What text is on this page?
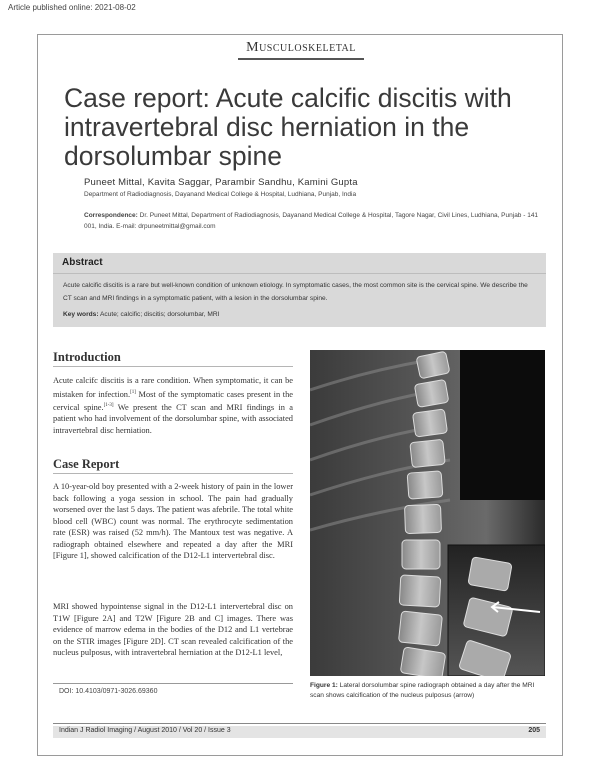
Article published online: 2021-08-02
Musculoskeletal
Case report: Acute calcific discitis with
intravertebral disc herniation in the
dorsolumbar spine
Puneet Mittal, Kavita Saggar, Parambir Sandhu, Kamini Gupta
Department of Radiodiagnosis, Dayanand Medical College & Hospital, Ludhiana, Punjab, India
Correspondence: Dr. Puneet Mittal, Department of Radiodiagnosis, Dayanand Medical College & Hospital, Tagore Nagar, Civil Lines, Ludhiana, Punjab - 141 001, India. E-mail: drpuneetmittal@gmail.com
Abstract
Acute calcific discitis is a rare but well-known condition of unknown etiology. In symptomatic cases, the most common site is the cervical spine. We describe the CT scan and MRI findings in a symptomatic patient, with a lesion in the dorsolumbar spine.
Key words: Acute; calcific; discitis; dorsolumbar, MRI
Introduction
Acute calcifc discitis is a rare condition. When symptomatic, it can be mistaken for infection.[1] Most of the symptomatic cases present in the cervical spine.[1-3] We present the CT scan and MRI findings in a patient who had involvement of the dorsolumbar spine, with associated intravertebral disc herniation.
Case Report
A 10-year-old boy presented with a 2-week history of pain in the lower back following a yoga session in school. The pain had gradually worsened over the last 5 days. The patient was afebrile. The total white blood cell (WBC) count was normal. The erythrocyte sedimentation rate (ESR) was raised (52 mm/h). The Mantoux test was negative. A radiograph obtained elsewhere and repeated a day after the MRI [Figure 1], showed calcification of the D12-L1 intervertebral disc.
MRI showed hypointense signal in the D12-L1 intervertebral disc on T1W [Figure 2A] and T2W [Figure 2B and C] images. There was evidence of marrow edema in the bodies of the D12 and L1 vertebrae on the STIR images [Figure 2D]. CT scan revealed calcification of the nucleus pulposus, with intravertebral herniation at the D12-L1 level,
DOI: 10.4103/0971-3026.69360
Figure 1: Lateral dorsolumbar spine radiograph obtained a day after the MRI scan shows calcification of the nucleus pulposus (arrow)
Indian J Radiol Imaging / August 2010 / Vol 20 / Issue 3	205
